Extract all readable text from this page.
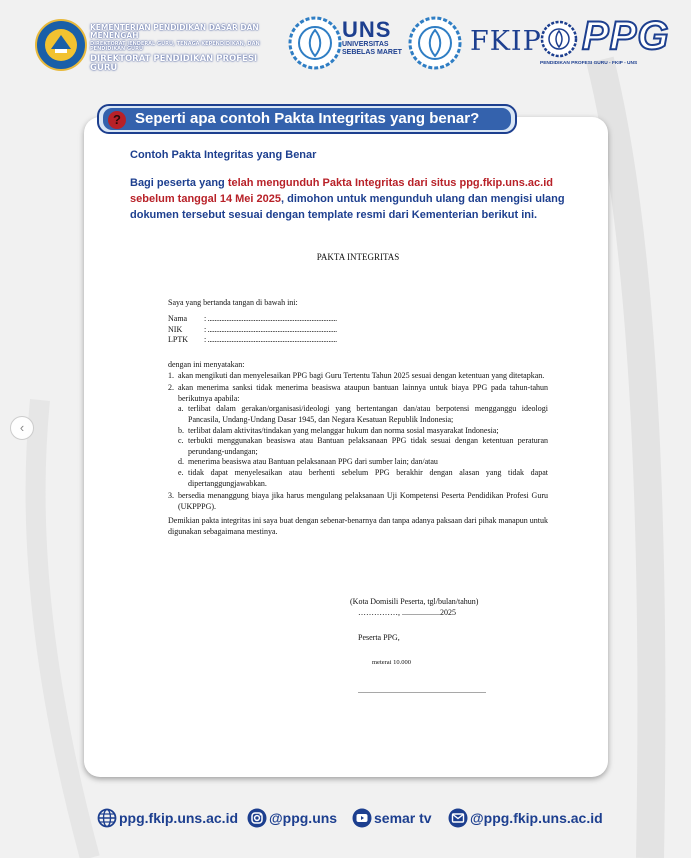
KEMENTERIAN PENDIDIKAN DASAR DAN MENENGAH
DIREKTORAT JENDERAL GURU, TENAGA KEPENDIDIKAN, DAN PENDIDIKAN GURU
DIREKTORAT PENDIDIKAN PROFESI GURU
UNS
UNIVERSITAS
SEBELAS MARET	FKIP PPG
PENDIDIKAN PROFESI GURU - FKIP - UNS
? Seperti apa contoh Pakta Integritas yang benar?
Contoh Pakta Integritas yang Benar
Bagi peserta yang telah mengunduh Pakta Integritas dari situs ppg.fkip.uns.ac.id sebelum tanggal 14 Mei 2025, dimohon untuk mengunduh ulang dan mengisi ulang dokumen tersebut sesuai dengan template resmi dari Kementerian berikut ini.
PAKTA INTEGRITAS
Saya yang bertanda tangan di bawah ini:
Nama : ............................................................................
NIK	: ............................................................................
LPTK : ............................................................................
dengan ini menyatakan:
1. akan mengikuti dan menyelesaikan PPG bagi Guru Tertentu Tahun 2025 sesuai dengan ketentuan yang ditetapkan.
2. akan menerima sanksi tidak menerima beasiswa ataupun bantuan lainnya untuk biaya PPG pada tahun-tahun berikutnya apabila:
a. terlibat dalam gerakan/organisasi/ideologi yang bertentangan dan/atau berpotensi mengganggu ideologi Pancasila, Undang-Undang Dasar 1945, dan Negara Kesatuan Republik Indonesia;
b. terlibat dalam aktivitas/tindakan yang melanggar hukum dan norma sosial masyarakat Indonesia;
c. terbukti menggunakan beasiswa atau Bantuan pelaksanaan PPG tidak sesuai dengan ketentuan peraturan perundang-undangan;
d. menerima beasiswa atau Bantuan pelaksanaan PPG dari sumber lain; dan/atau
e. tidak dapat menyelesaikan atau berhenti sebelum PPG berakhir dengan alasan yang tidak dapat dipertanggungjawabkan.
3. bersedia menanggung biaya jika harus mengulang pelaksanaan Uji Kompetensi Peserta Pendidikan Profesi Guru (UKPPPG).
Demikian pakta integritas ini saya buat dengan sebenar-benarnya dan tanpa adanya paksaan dari pihak manapun untuk digunakan sebagaimana mestinya.
(Kota Domisili Peserta, tgl/bulan/tahun)
……………, ...................2025
Peserta PPG,
meterai 10.000
................................................................
ppg.fkip.uns.ac.id @ppg.uns	semar tv	@ppg.fkip.uns.ac.id
‹
